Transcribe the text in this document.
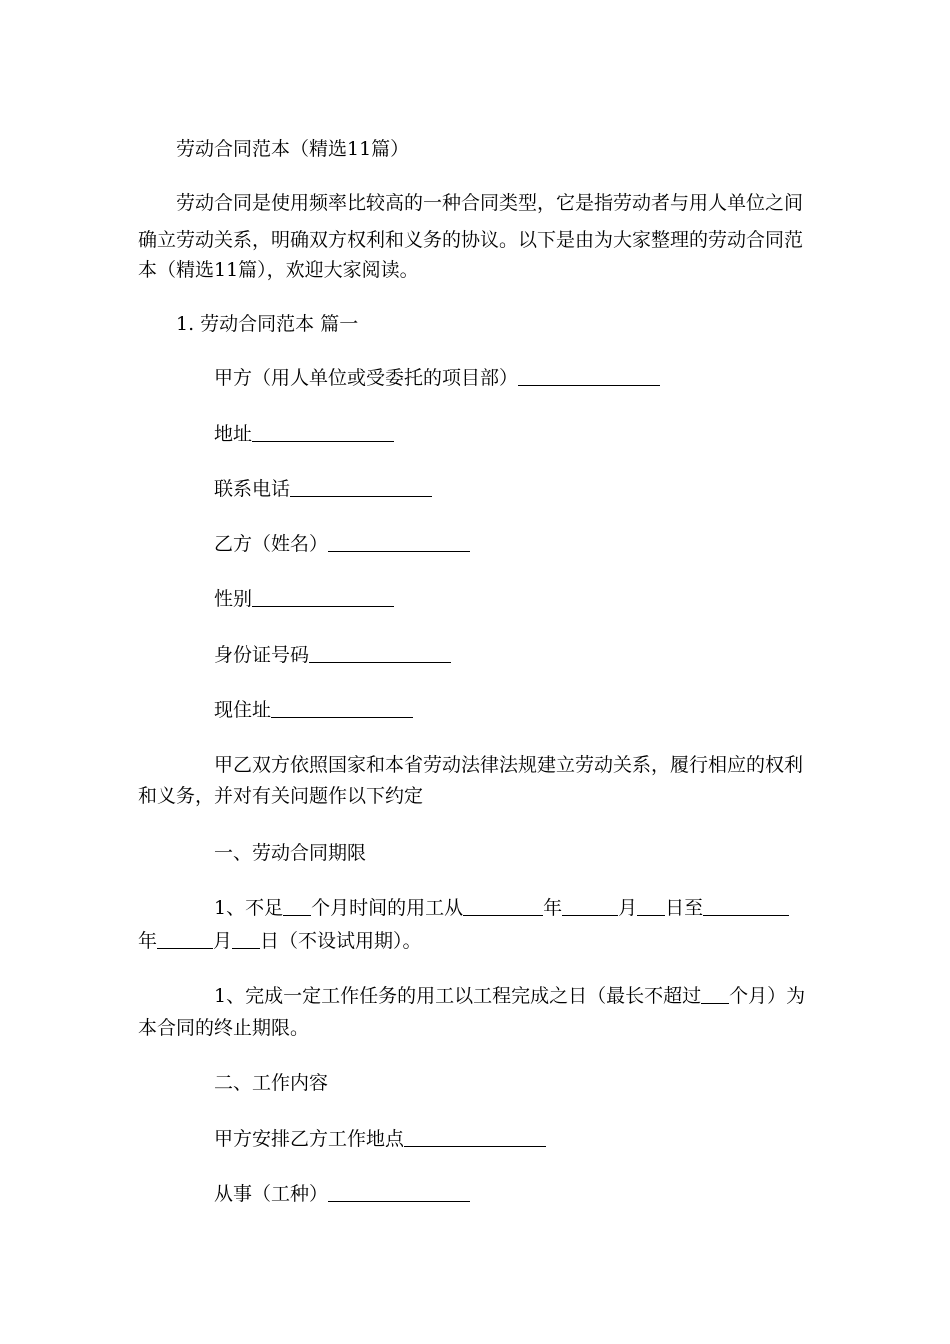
劳动合同范本（精选11篇）
劳动合同是使用频率比较高的一种合同类型，它是指劳动者与用人单位之间
确立劳动关系，明确双方权利和义务的协议。以下是由为大家整理的劳动合同范
本（精选11篇），欢迎大家阅读。
1. 劳动合同范本 篇一
甲方（用人单位或受委托的项目部）
地址
联系电话
乙方（姓名）
性别
身份证号码
现住址
甲乙双方依照国家和本省劳动法律法规建立劳动关系，履行相应的权利
和义务，并对有关问题作以下约定
一、劳动合同期限
1、不足 个月时间的用工从	年	月 日至
年	月 日（不设试用期）。
1、完成一定工作任务的用工以工程完成之日（最长不超过 个月）为
本合同的终止期限。
二、工作内容
甲方安排乙方工作地点
从事（工种）
